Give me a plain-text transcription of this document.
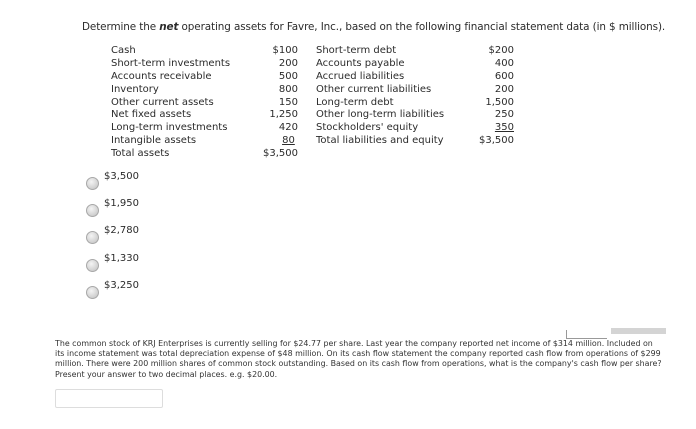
Determine the net operating assets for Favre, Inc., based on the following financial statement data (in $ millions).
Cash
Short-term investments
Accounts receivable
Inventory
Other current assets
Net fixed assets
Long-term investments
Intangible assets
Total assets
$100
200
500
800
150
1,250
420
80
$3,500
Short-term debt
Accounts payable
Accrued liabilities
Other current liabilities
Long-term debt
Other long-term liabilities
Stockholders' equity
Total liabilities and equity
$200
400
600
200
1,500
250
350
$3,500
$3,500
$1,950
$2,780
$1,330
$3,250
The common stock of KRJ Enterprises is currently selling for $24.77 per share. Last year the company reported net income of $314 million. Included on its income statement was total depreciation expense of $48 million. On its cash flow statement the company reported cash flow from operations of $299 million. There were 200 million shares of common stock outstanding. Based on its cash flow from operations, what is the company's cash flow per share? Present your answer to two decimal places. e.g. $20.00.
